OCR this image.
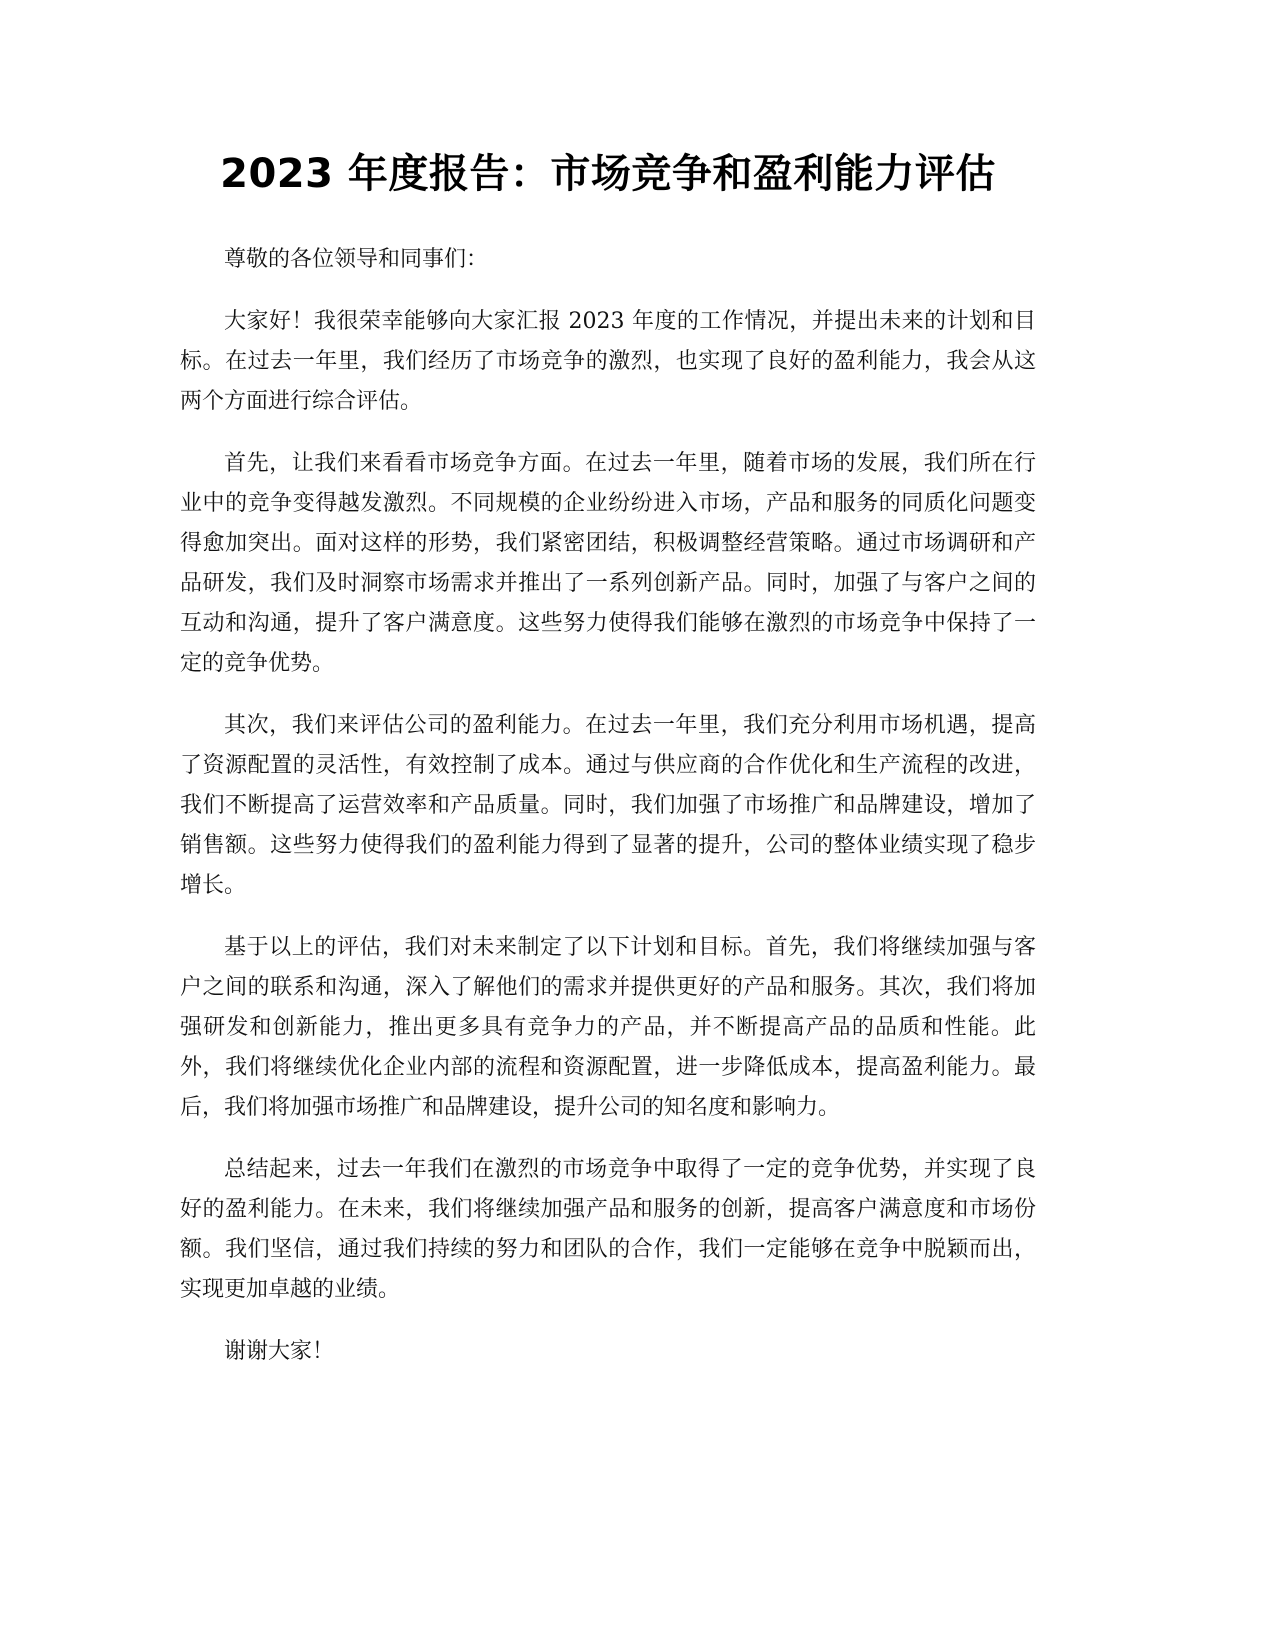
2023 年度报告：市场竞争和盈利能力评估

尊敬的各位领导和同事们：

大家好！我很荣幸能够向大家汇报 2023 年度的工作情况，并提出未来的计划和目标。在过去一年里，我们经历了市场竞争的激烈，也实现了良好的盈利能力，我会从这两个方面进行综合评估。

首先，让我们来看看市场竞争方面。在过去一年里，随着市场的发展，我们所在行业中的竞争变得越发激烈。不同规模的企业纷纷进入市场，产品和服务的同质化问题变得愈加突出。面对这样的形势，我们紧密团结，积极调整经营策略。通过市场调研和产品研发，我们及时洞察市场需求并推出了一系列创新产品。同时，加强了与客户之间的互动和沟通，提升了客户满意度。这些努力使得我们能够在激烈的市场竞争中保持了一定的竞争优势。

其次，我们来评估公司的盈利能力。在过去一年里，我们充分利用市场机遇，提高了资源配置的灵活性，有效控制了成本。通过与供应商的合作优化和生产流程的改进，我们不断提高了运营效率和产品质量。同时，我们加强了市场推广和品牌建设，增加了销售额。这些努力使得我们的盈利能力得到了显著的提升，公司的整体业绩实现了稳步增长。

基于以上的评估，我们对未来制定了以下计划和目标。首先，我们将继续加强与客户之间的联系和沟通，深入了解他们的需求并提供更好的产品和服务。其次，我们将加强研发和创新能力，推出更多具有竞争力的产品，并不断提高产品的品质和性能。此外，我们将继续优化企业内部的流程和资源配置，进一步降低成本，提高盈利能力。最后，我们将加强市场推广和品牌建设，提升公司的知名度和影响力。

总结起来，过去一年我们在激烈的市场竞争中取得了一定的竞争优势，并实现了良好的盈利能力。在未来，我们将继续加强产品和服务的创新，提高客户满意度和市场份额。我们坚信，通过我们持续的努力和团队的合作，我们一定能够在竞争中脱颖而出，实现更加卓越的业绩。

谢谢大家！
